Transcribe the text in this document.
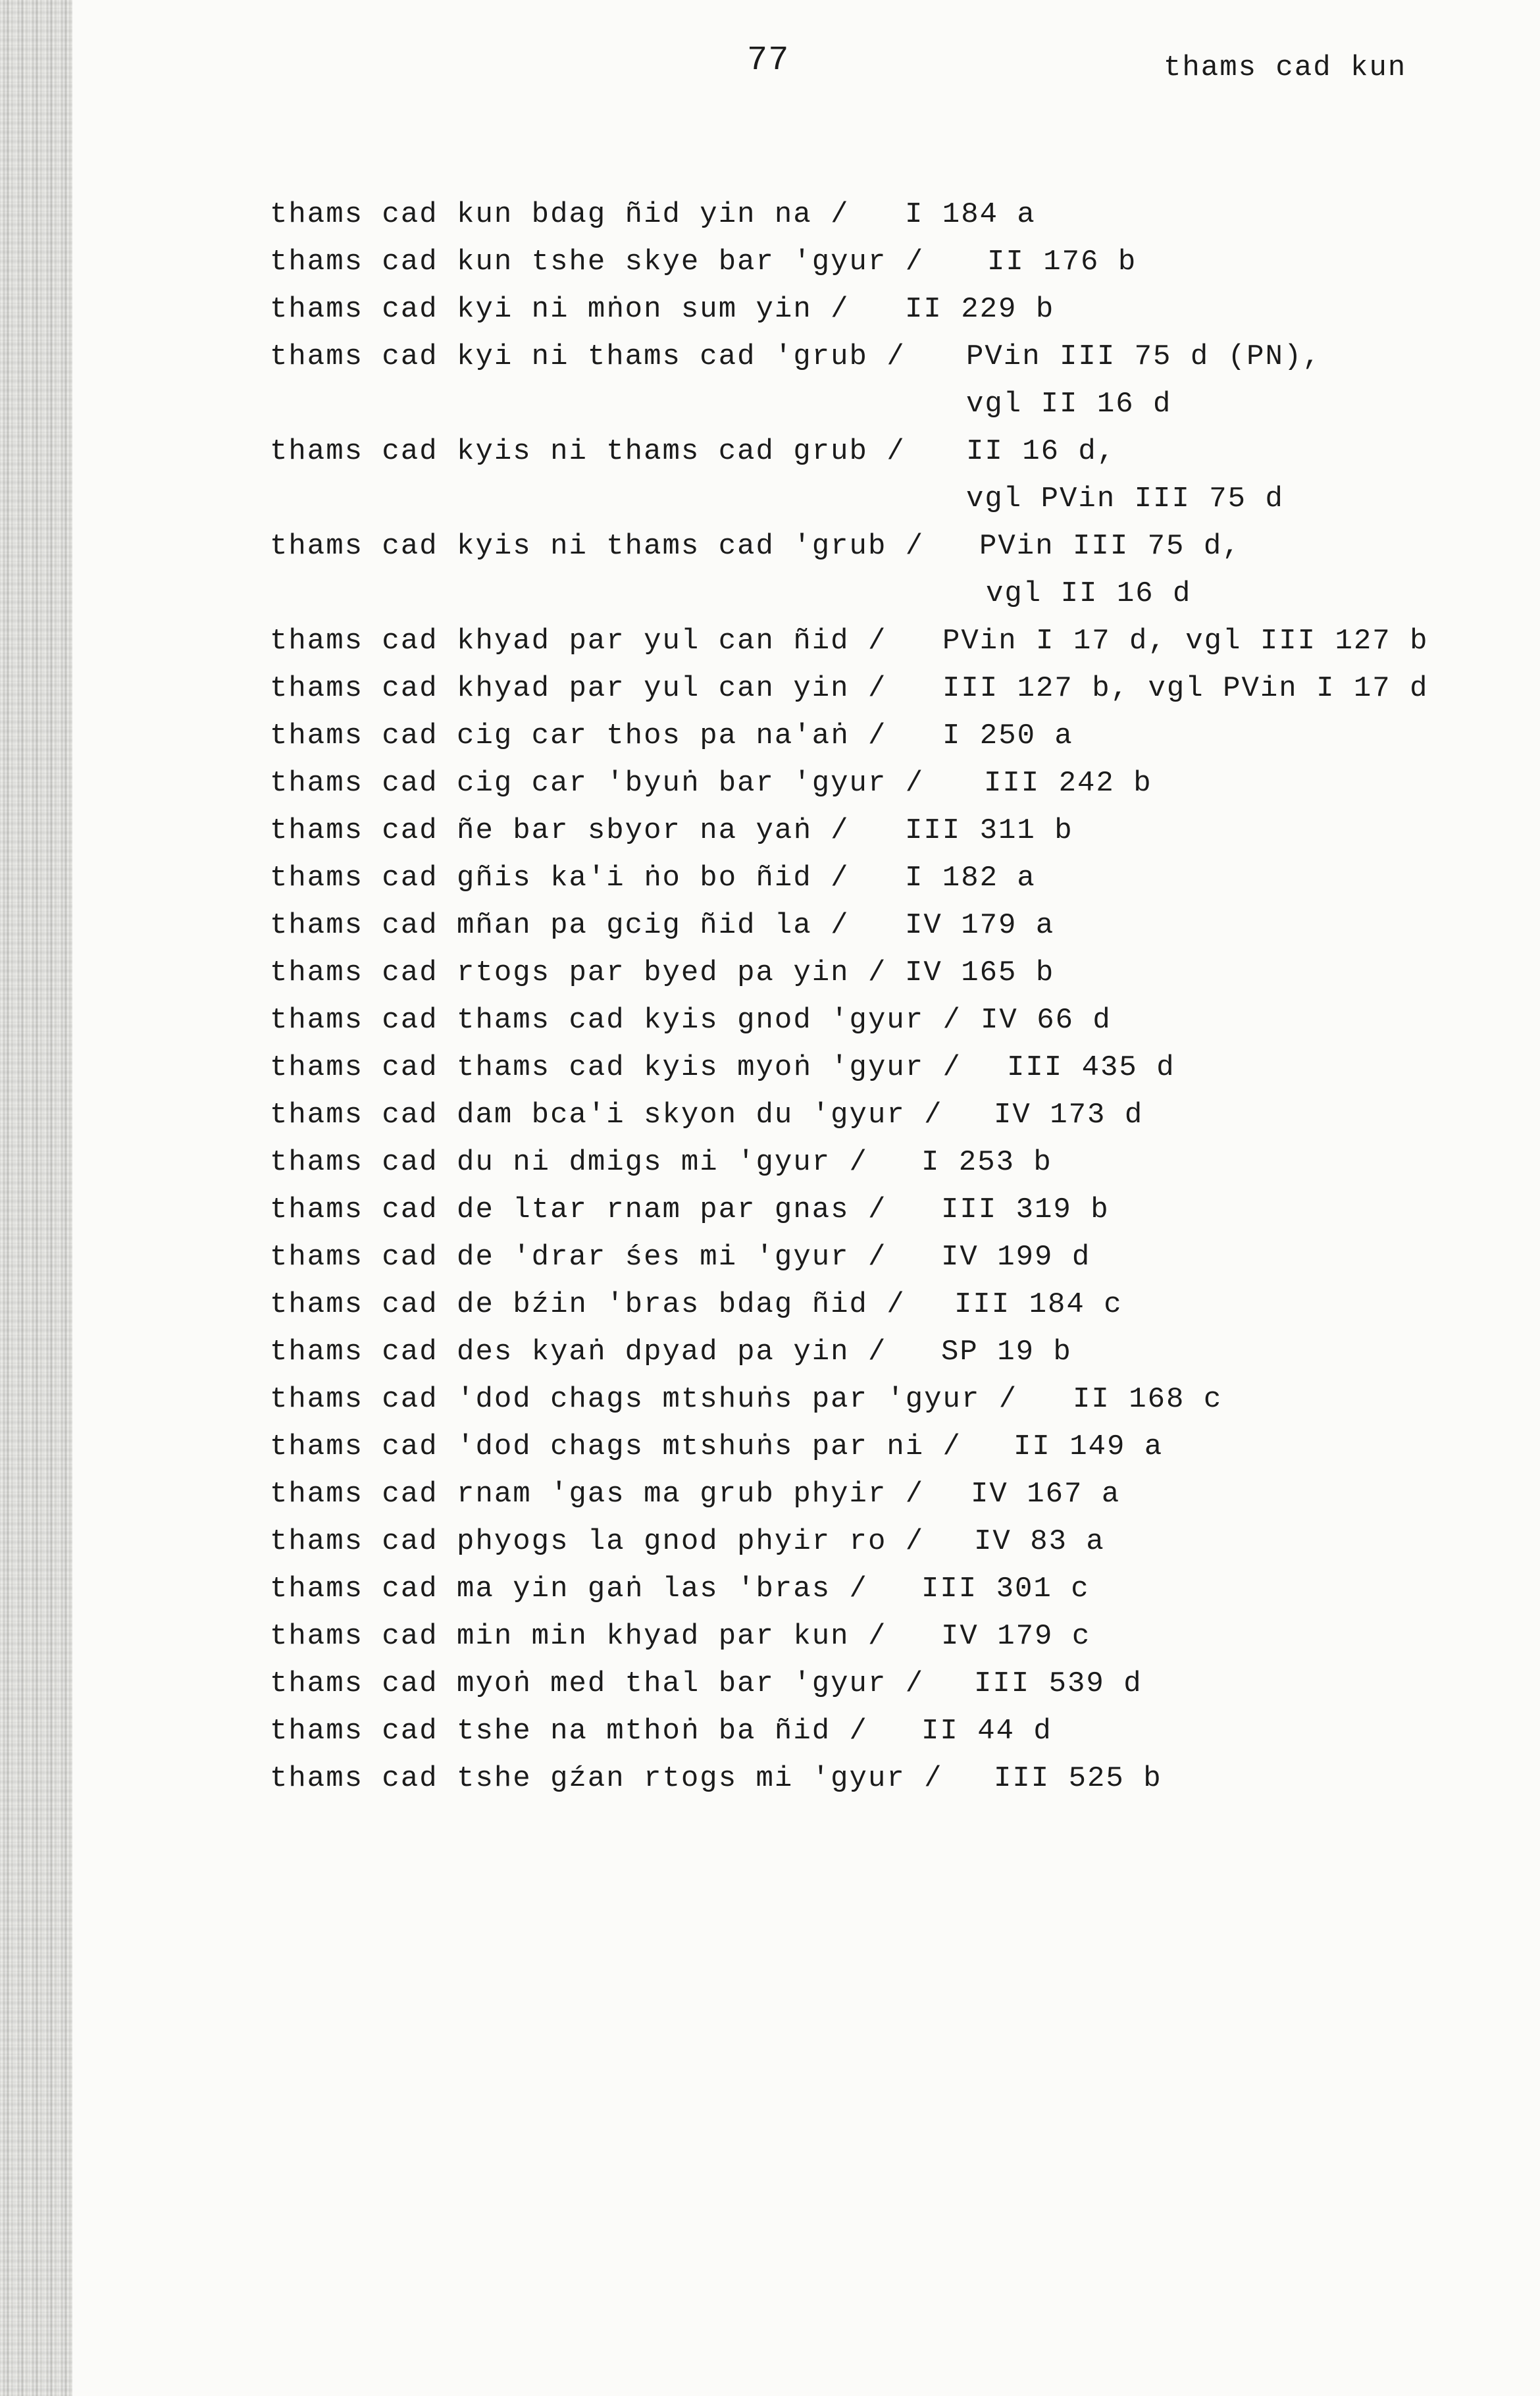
77	thams cad kun
thams cad kun bdag ñid yin na / I 184 a
thams cad kun tshe skye bar 'gyur / II 176 b
thams cad kyi ni mṅon sum yin / II 229 b
thams cad kyi ni thams cad 'grub / PVin III 75 d (PN),
vgl II 16 d
thams cad kyis ni thams cad grub / II 16 d,
vgl PVin III 75 d
thams cad kyis ni thams cad 'grub / PVin III 75 d,
vgl II 16 d
thams cad khyad par yul can ñid / PVin I 17 d, vgl III 127 b
thams cad khyad par yul can yin / III 127 b, vgl PVin I 17 d
thams cad cig car thos pa na'aṅ / I 250 a
thams cad cig car 'byuṅ bar 'gyur / III 242 b
thams cad ñe bar sbyor na yaṅ / III 311 b
thams cad gñis ka'i ṅo bo ñid / I 182 a
thams cad mñan pa gcig ñid la / IV 179 a
thams cad rtogs par byed pa yin / IV 165 b
thams cad thams cad kyis gnod 'gyur / IV 66 d
thams cad thams cad kyis myoṅ 'gyur / III 435 d
thams cad dam bca'i skyon du 'gyur / IV 173 d
thams cad du ni dmigs mi 'gyur / I 253 b
thams cad de ltar rnam par gnas / III 319 b
thams cad de 'drar śes mi 'gyur / IV 199 d
thams cad de bźin 'bras bdag ñid / III 184 c
thams cad des kyaṅ dpyad pa yin / SP 19 b
thams cad 'dod chags mtshuṅs par 'gyur / II 168 c
thams cad 'dod chags mtshuṅs par ni / II 149 a
thams cad rnam 'gas ma grub phyir / IV 167 a
thams cad phyogs la gnod phyir ro / IV 83 a
thams cad ma yin gaṅ las 'bras / III 301 c
thams cad min min khyad par kun / IV 179 c
thams cad myoṅ med thal bar 'gyur / III 539 d
thams cad tshe na mthoṅ ba ñid / II 44 d
thams cad tshe gźan rtogs mi 'gyur / III 525 b
